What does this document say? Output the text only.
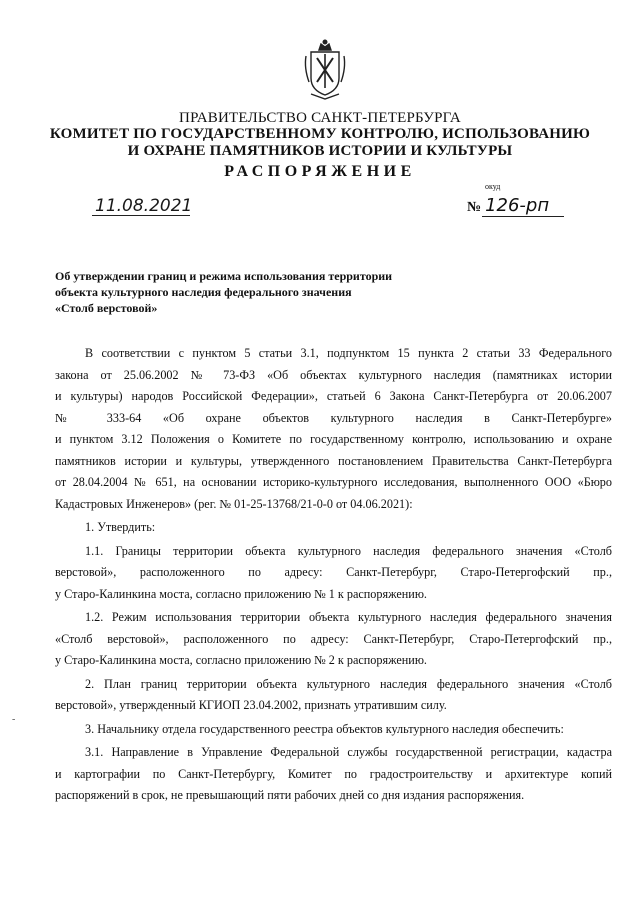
ПРАВИТЕЛЬСТВО САНКТ-ПЕТЕРБУРГА
КОМИТЕТ ПО ГОСУДАРСТВЕННОМУ КОНТРОЛЮ, ИСПОЛЬЗОВАНИЮ
И ОХРАНЕ ПАМЯТНИКОВ ИСТОРИИ И КУЛЬТУРЫ
РАСПОРЯЖЕНИЕ
11.08.2021
окуд
№ 126-рп
Об утверждении границ и режима использования территории
объекта культурного наследия федерального значения
«Столб верстовой»
В соответствии с пунктом 5 статьи 3.1, подпунктом 15 пункта 2 статьи 33 Федерального
закона от 25.06.2002 № 73-ФЗ «Об объектах культурного наследия (памятниках истории
и культуры) народов Российской Федерации», статьей 6 Закона Санкт-Петербурга от 20.06.2007
№ 333-64 «Об охране объектов культурного наследия в Санкт-Петербурге»
и пунктом 3.12 Положения о Комитете по государственному контролю, использованию и охране
памятников истории и культуры, утвержденного постановлением Правительства Санкт-Петербурга
от 28.04.2004 № 651, на основании историко-культурного исследования, выполненного ООО «Бюро
Кадастровых Инженеров» (рег. № 01-25-13768/21-0-0 от 04.06.2021):
1. Утвердить:
1.1. Границы территории объекта культурного наследия федерального значения «Столб
верстовой», расположенного по адресу: Санкт-Петербург, Старо-Петергофский пр.,
у Старо-Калинкина моста, согласно приложению № 1 к распоряжению.
1.2. Режим использования территории объекта культурного наследия федерального значения
«Столб верстовой», расположенного по адресу: Санкт-Петербург, Старо-Петергофский пр.,
у Старо-Калинкина моста, согласно приложению № 2 к распоряжению.
2. План границ территории объекта культурного наследия федерального значения «Столб
верстовой», утвержденный КГИОП 23.04.2002, признать утратившим силу.
3. Начальнику отдела государственного реестра объектов культурного наследия обеспечить:
3.1. Направление в Управление Федеральной службы государственной регистрации, кадастра
и картографии по Санкт-Петербургу, Комитет по градостроительству и архитектуре копий
распоряжений в срок, не превышающий пяти рабочих дней со дня издания распоряжения.
-
